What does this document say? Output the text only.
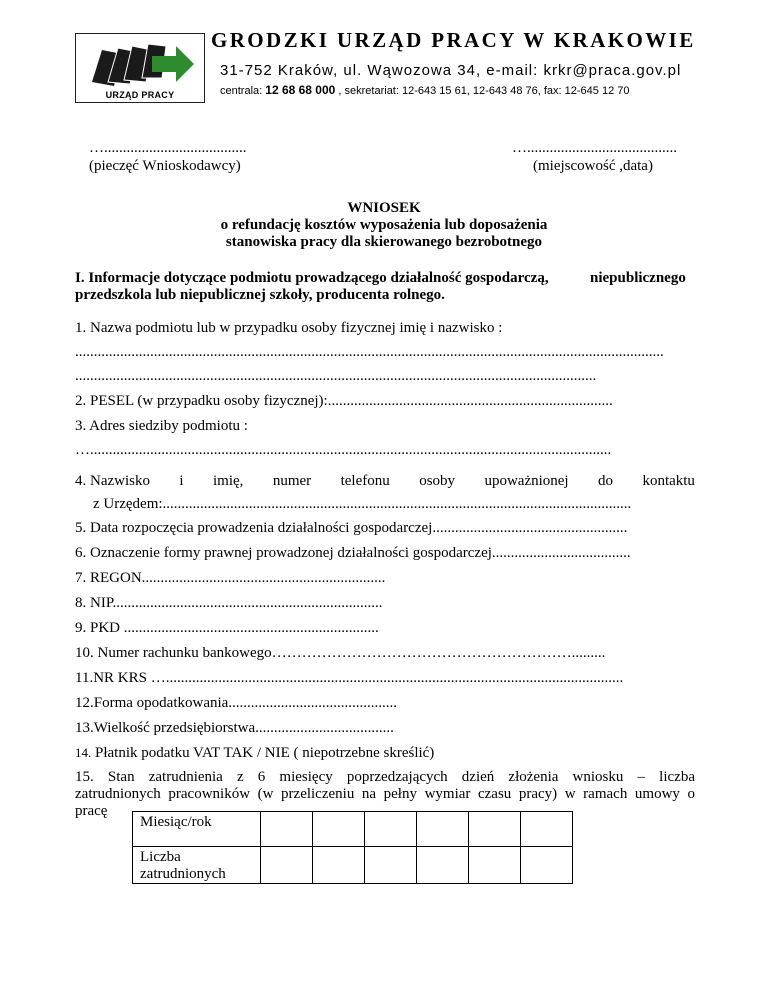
URZĄD PRACY
GRODZKI URZĄD PRACY W KRAKOWIE
31-752 Kraków, ul. Wąwozowa 34, e-mail: krkr@praca.gov.pl
centrala: 12 68 68 000 , sekretariat: 12-643 15 61, 12-643 48 76, fax: 12-645 12 70
…......................................
(pieczęć Wnioskodawcy)
…........................................
(miejscowość ,data)
WNIOSEK
o refundację kosztów wyposażenia lub doposażenia
stanowiska pracy dla skierowanego bezrobotnego
I. Informacje dotyczące podmiotu prowadzącego działalność gospodarczą,	niepublicznego
przedszkola lub niepublicznej szkoły, producenta rolnego.
1. Nazwa podmiotu lub w przypadku osoby fizycznej imię i nazwisko :
.............................................................................................................................................................
...........................................................................................................................................
2. PESEL (w przypadku osoby fizycznej):............................................................................
3. Adres siedziby podmiotu :
…...........................................................................................................................................
4. Nazwisko i imię, numer telefonu osoby upoważnionej do kontaktu
z Urzędem:.............................................................................................................................
5. Data rozpoczęcia prowadzenia działalności gospodarczej....................................................
6. Oznaczenie formy prawnej prowadzonej działalności gospodarczej.....................................
7. REGON.................................................................
8. NIP........................................................................
9. PKD ....................................................................
10. Numer rachunku bankowego…………………………………………………….........
11.NR KRS …..........................................................................................................................
12.Forma opodatkowania.............................................
13.Wielkość przedsiębiorstwa.....................................
14. Płatnik podatku VAT TAK / NIE ( niepotrzebne skreślić)
15. Stan zatrudnienia z 6 miesięcy poprzedzających dzień złożenia wniosku – liczba
zatrudnionych pracowników (w przeliczeniu na pełny wymiar czasu pracy) w ramach umowy o
pracę
Miesiąc/rok						
Liczba zatrudnionych						
